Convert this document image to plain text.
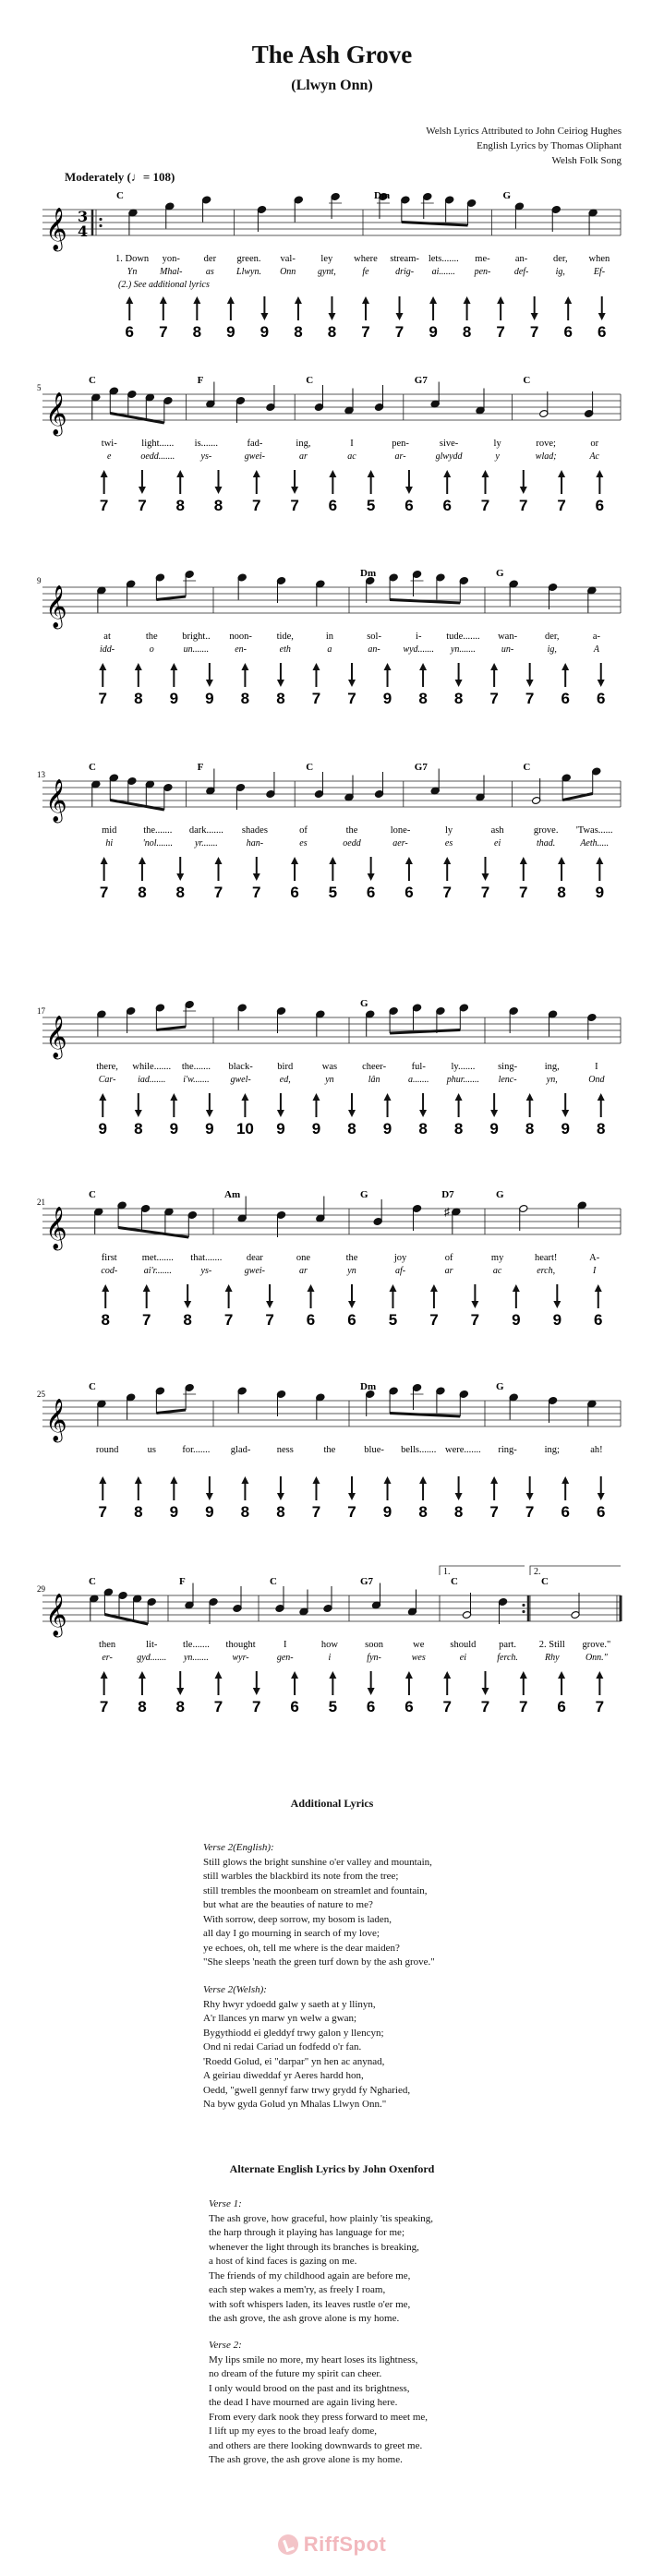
The Ash Grove
(Llwyn Onn)
Welsh Lyrics Attributed to John Ceiriog Hughes
English Lyrics by Thomas Oliphant
Welsh Folk Song
Moderately (♩= 108)
𝄞 3
4
C	Dm	G
1. Down yon- der green. val-	ley where stream- lets....... me-	an-	der, when
Yn Mhal-	as Llwyn. Onn gynt,	fe	drig- ai....... pen-	def-	ig,	Ef-
(2.) See additional lyrics
6 7 8 9 9 8 8 7 7 9 8 7 7 6 6
𝄞
5
C	F	C	G7	C
twi-	light...... is.......	fad-	ing,	I	pen-	sive-	ly	rove;	or
e	oedd.......	ys-	gwei-	ar	ac	ar-	glwydd	y	wlad;	Ac
7 7 8 8 7 7 6 5 6 6 7 7 7 6
𝄞
9
Dm	G
at	the	bright.. noon-	tide,	in	sol-	i-	tude....... wan-	der,	a-
idd-	o	un.......	en-	eth	a	an- wyd....... yn.......	un-	ig,	A
7 8 9 9 8 8 7 7 9 8 8 7 7 6 6
𝄞
13
C	F	C	G7	C
mid	the....... dark....... shades	of	the	lone-	ly	ash	grove. 'Twas......
hi	'nol....... yr.......	han-	es	oedd	aer-	es	ei	thad.	Aeth.....
7 8 8 7 7 6 5 6 6 7 7 7 8 9
𝄞
17
G
there, while....... the....... black-	bird	was	cheer-	ful-	ly....... sing-	ing,	I
Car- iad....... i'w....... gwel-	ed,	yn	lân	a....... phur....... lenc-	yn,	Ond
9 8 9 9 10 9 9 8 9 8 8 9 8 9 8
𝄞
21
♯
C	Am	G	D7	G
first	met....... that.......	dear	one	the	joy	of	my	heart!	A-
cod-	ai'r.......	ys-	gwei-	ar	yn	af-	ar	ac	erch,	I
8 7 8 7 7 6 6 5 7 7 9 9 6
𝄞
25
C	Dm	G
round	us	for....... glad-	ness	the	blue- bells....... were....... ring-	ing;	ah!
7 8 9 9 8 8 7 7 9 8 8 7 7 6 6
𝄞
29
1.	2.
C	F	C	G7	C	C
then	lit-	tle....... thought	I	how	soon	we	should part. 2. Still grove."
er-	gyd....... yn.......	wyr-	gen-	i	fyn-	wes	ei	ferch.	Rhy	Onn."
7 8 8 7 7 6 5 6 6 7 7 7 6 7
Additional Lyrics
Verse 2(English):
Still glows the bright sunshine o'er valley and mountain,
still warbles the blackbird its note from the tree;
still trembles the moonbeam on streamlet and fountain,
but what are the beauties of nature to me?
With sorrow, deep sorrow, my bosom is laden,
all day I go mourning in search of my love;
ye echoes, oh, tell me where is the dear maiden?
"She sleeps 'neath the green turf down by the ash grove."
Verse 2(Welsh):
Rhy hwyr ydoedd galw y saeth at y llinyn,
A'r llances yn marw yn welw a gwan;
Bygythiodd ei gleddyf trwy galon y llencyn;
Ond ni redai Cariad un fodfedd o'r fan.
'Roedd Golud, ei "darpar" yn hen ac anynad,
A geiriau diweddaf yr Aeres hardd hon,
Oedd, "gwell gennyf farw trwy grydd fy Ngharied,
Na byw gyda Golud yn Mhalas Llwyn Onn."
Alternate English Lyrics by John Oxenford
Verse 1:
The ash grove, how graceful, how plainly 'tis speaking,
the harp through it playing has language for me;
whenever the light through its branches is breaking,
a host of kind faces is gazing on me.
The friends of my childhood again are before me,
each step wakes a mem'ry, as freely I roam,
with soft whispers laden, its leaves rustle o'er me,
the ash grove, the ash grove alone is my home.
Verse 2:
My lips smile no more, my heart loses its lightness,
no dream of the future my spirit can cheer.
I only would brood on the past and its brightness,
the dead I have mourned are again living here.
From every dark nook they press forward to meet me,
I lift up my eyes to the broad leafy dome,
and others are there looking downwards to greet me.
The ash grove, the ash grove alone is my home.
RiffSpot
